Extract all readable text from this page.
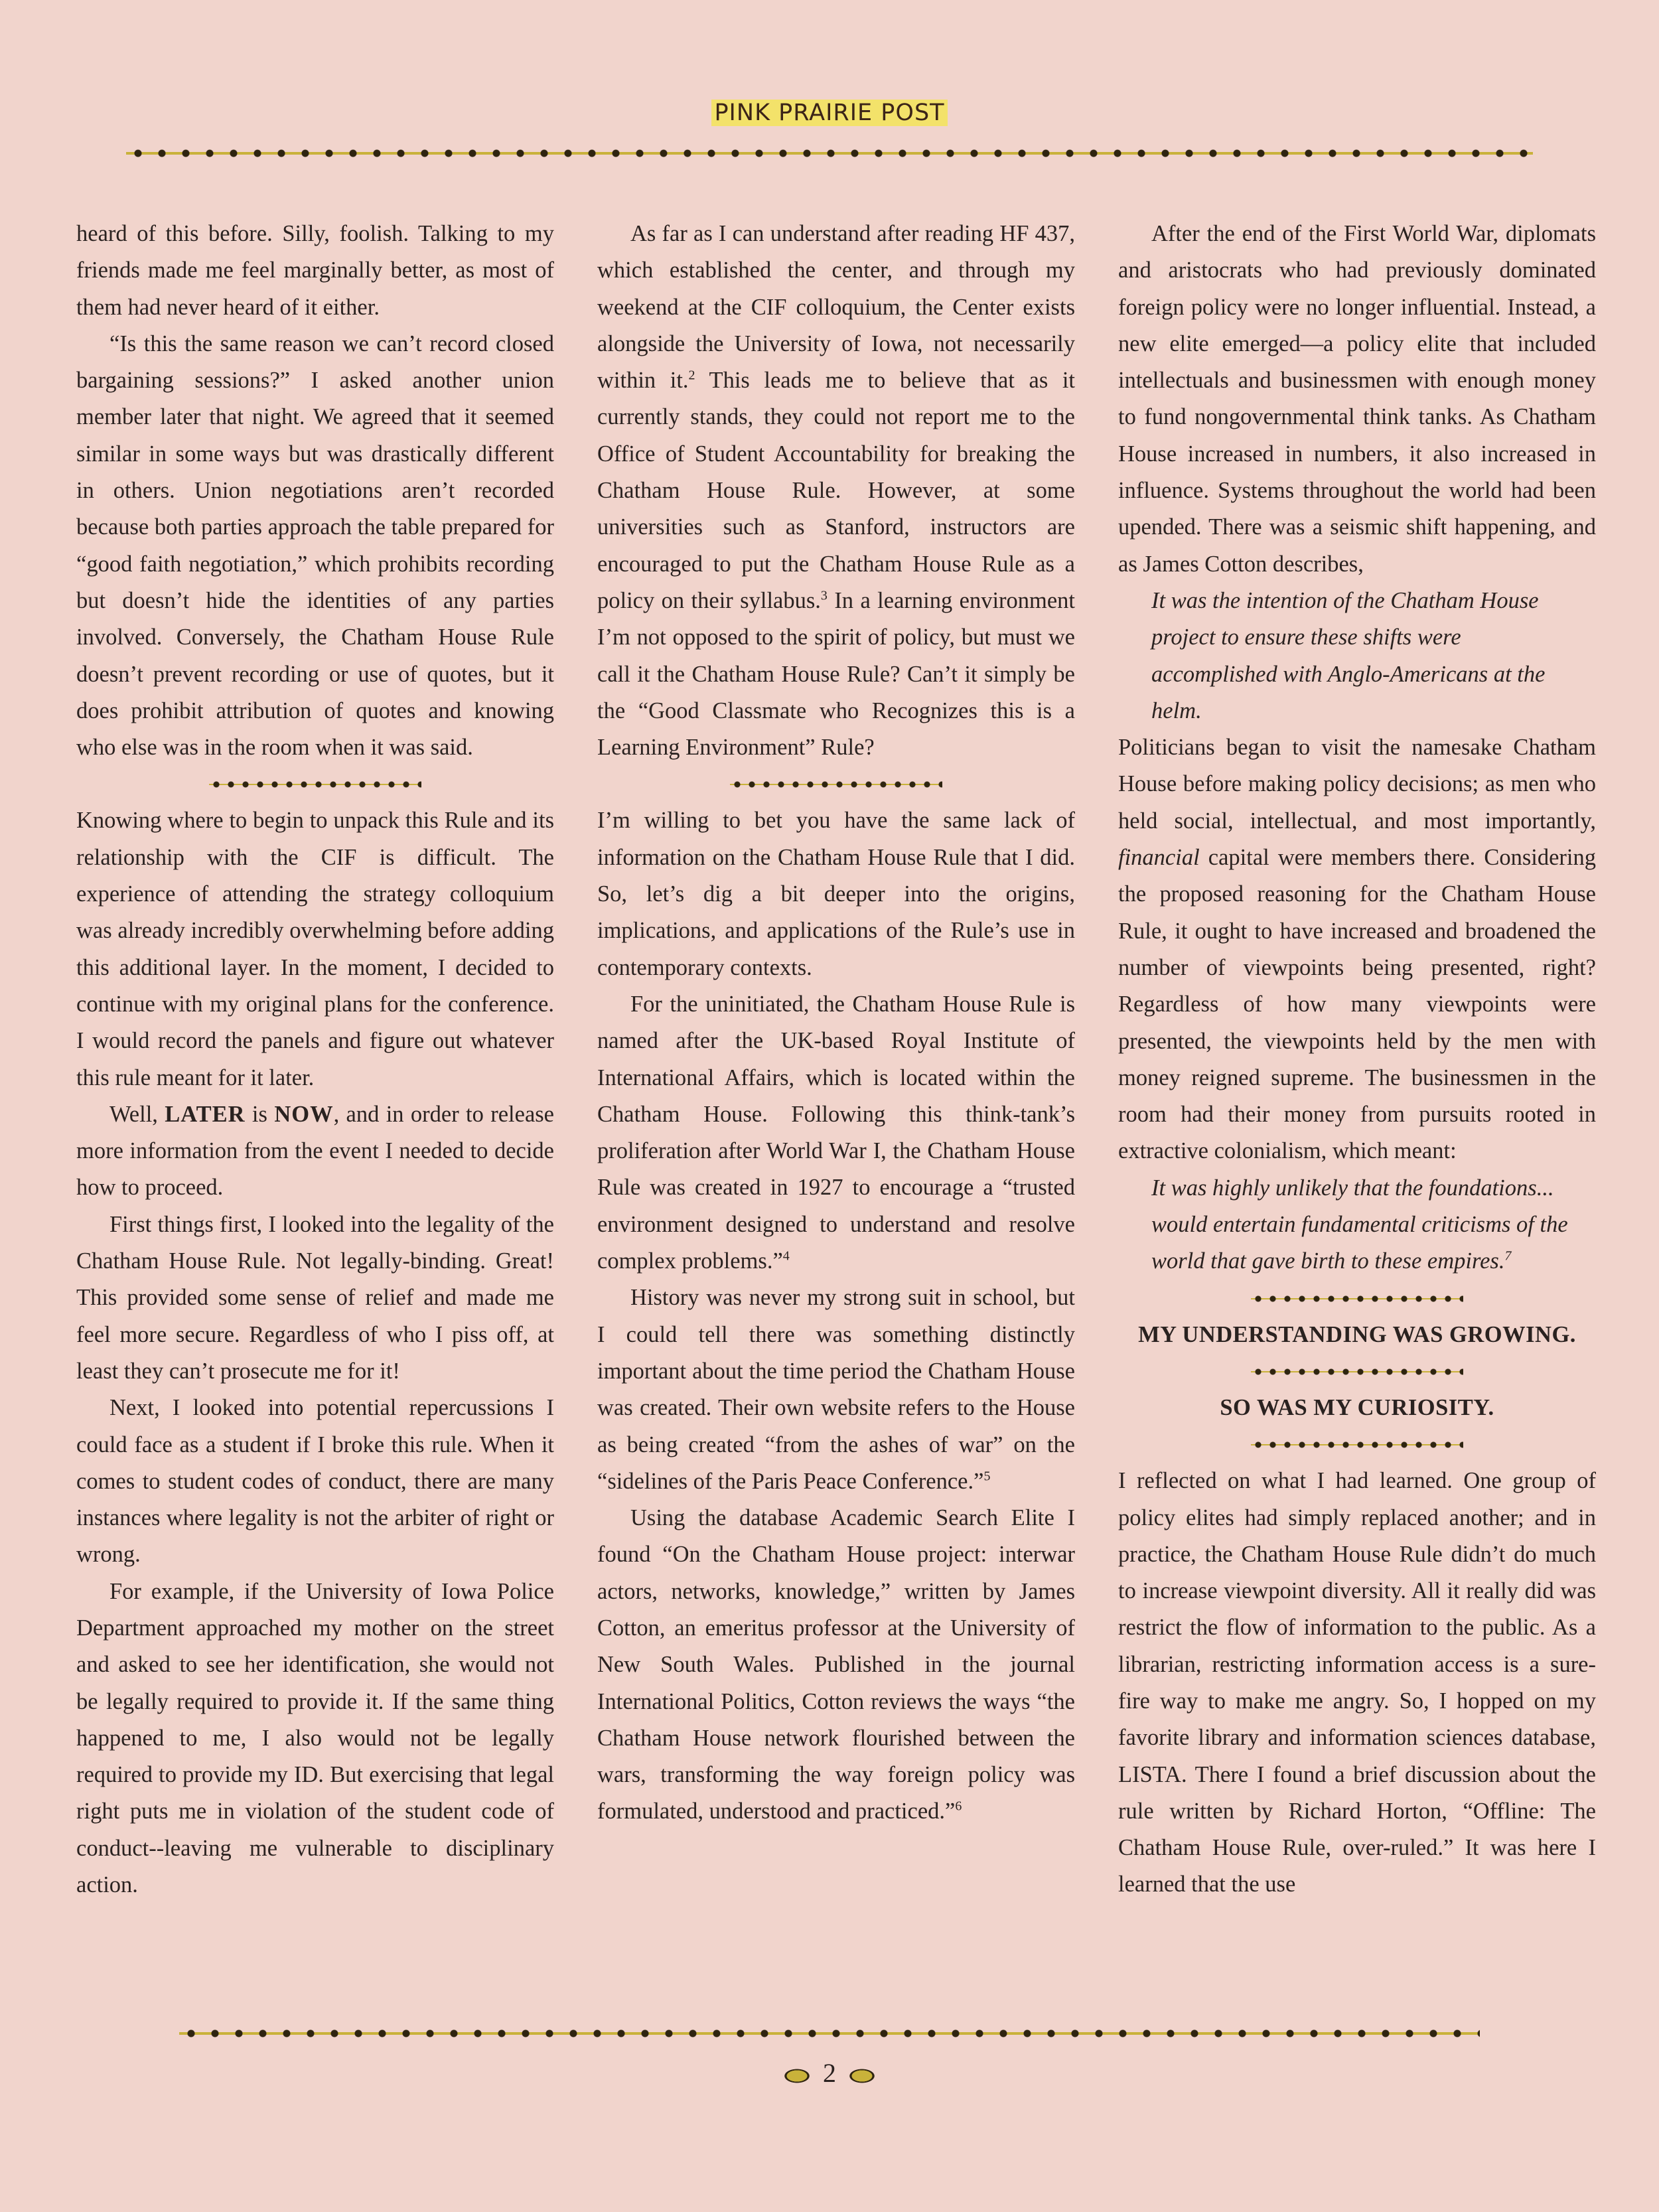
PINK PRAIRIE POST

heard of this before. Silly, foolish. Talking to my friends made me feel marginally better, as most of them had never heard of it either.

“Is this the same reason we can’t record closed bargaining sessions?” I asked another union member later that night. We agreed that it seemed similar in some ways but was drastically different in others. Union negotiations aren’t recorded because both parties approach the table prepared for “good faith negotiation,” which prohibits recording but doesn’t hide the identities of any parties involved. Conversely, the Chatham House Rule doesn’t prevent recording or use of quotes, but it does prohibit attribution of quotes and knowing who else was in the room when it was said.

Knowing where to begin to unpack this Rule and its relationship with the CIF is difficult. The experience of attending the strategy colloquium was already incredibly overwhelming before adding this additional layer. In the moment, I decided to continue with my original plans for the conference. I would record the panels and figure out whatever this rule meant for it later.

Well, LATER is NOW, and in order to release more information from the event I needed to decide how to proceed.

First things first, I looked into the legality of the Chatham House Rule. Not legally-binding. Great! This provided some sense of relief and made me feel more secure. Regardless of who I piss off, at least they can’t prosecute me for it!

Next, I looked into potential repercussions I could face as a student if I broke this rule. When it comes to student codes of conduct, there are many instances where legality is not the arbiter of right or wrong.

For example, if the University of Iowa Police Department approached my mother on the street and asked to see her identification, she would not be legally required to provide it. If the same thing happened to me, I also would not be legally required to provide my ID. But exercising that legal right puts me in violation of the student code of conduct--leaving me vulnerable to disciplinary action.

As far as I can understand after reading HF 437, which established the center, and through my weekend at the CIF colloquium, the Center exists alongside the University of Iowa, not necessarily within it.$^2$ This leads me to believe that as it currently stands, they could not report me to the Office of Student Accountability for breaking the Chatham House Rule. However, at some universities such as Stanford, instructors are encouraged to put the Chatham House Rule as a policy on their syllabus.$^3$ In a learning environment I’m not opposed to the spirit of policy, but must we call it the Chatham House Rule? Can’t it simply be the “Good Classmate who Recognizes this is a Learning Environment” Rule?

I’m willing to bet you have the same lack of information on the Chatham House Rule that I did. So, let’s dig a bit deeper into the origins, implications, and applications of the Rule’s use in contemporary contexts.

For the uninitiated, the Chatham House Rule is named after the UK-based Royal Institute of International Affairs, which is located within the Chatham House. Following this think-tank’s proliferation after World War I, the Chatham House Rule was created in 1927 to encourage a “trusted environment designed to understand and resolve complex problems.”$^4$

History was never my strong suit in school, but I could tell there was something distinctly important about the time period the Chatham House was created. Their own website refers to the House as being created “from the ashes of war” on the “sidelines of the Paris Peace Conference.”$^5$

Using the database Academic Search Elite I found “On the Chatham House project: interwar actors, networks, knowledge,” written by James Cotton, an emeritus professor at the University of New South Wales. Published in the journal International Politics, Cotton reviews the ways “the Chatham House network flourished between the wars, transforming the way foreign policy was formulated, understood and practiced.”$^6$

After the end of the First World War, diplomats and aristocrats who had previously dominated foreign policy were no longer influential. Instead, a new elite emerged—a policy elite that included intellectuals and businessmen with enough money to fund nongovernmental think tanks. As Chatham House increased in numbers, it also increased in influence. Systems throughout the world had been upended. There was a seismic shift happening, and as James Cotton describes,

It was the intention of the Chatham House project to ensure these shifts were accomplished with Anglo-Americans at the helm.

Politicians began to visit the namesake Chatham House before making policy decisions; as men who held social, intellectual, and most importantly, financial capital were members there. Considering the proposed reasoning for the Chatham House Rule, it ought to have increased and broadened the number of viewpoints being presented, right? Regardless of how many viewpoints were presented, the viewpoints held by the men with money reigned supreme. The businessmen in the room had their money from pursuits rooted in extractive colonialism, which meant:

It was highly unlikely that the foundations... would entertain fundamental criticisms of the world that gave birth to these empires.$^7$

MY UNDERSTANDING WAS GROWING.

SO WAS MY CURIOSITY.

I reflected on what I had learned. One group of policy elites had simply replaced another; and in practice, the Chatham House Rule didn’t do much to increase viewpoint diversity. All it really did was restrict the flow of information to the public. As a librarian, restricting information access is a sure-fire way to make me angry. So, I hopped on my favorite library and information sciences database, LISTA. There I found a brief discussion about the rule written by Richard Horton, “Offline: The Chatham House Rule, over-ruled.” It was here I learned that the use

2
